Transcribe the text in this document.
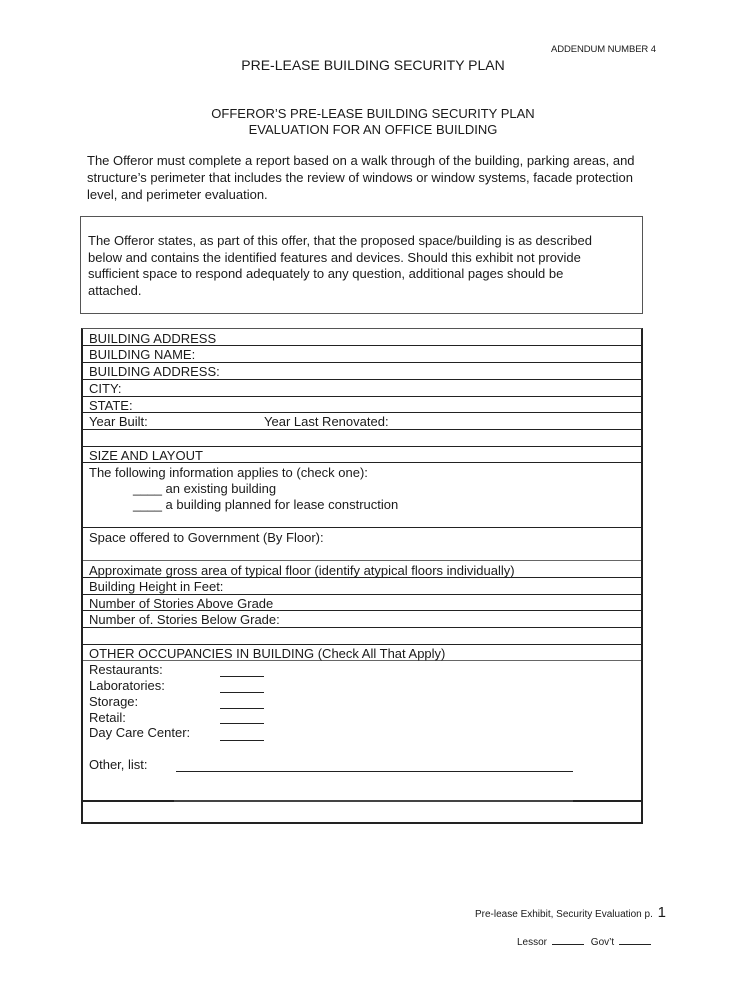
ADDENDUM NUMBER 4
PRE-LEASE BUILDING SECURITY PLAN
OFFEROR’S PRE-LEASE BUILDING SECURITY PLAN
EVALUATION FOR AN OFFICE BUILDING
The Offeror must complete a report based on a walk through of the building, parking areas, and
structure’s perimeter that includes the review of windows or window systems, facade protection
level, and perimeter evaluation.
The Offeror states, as part of this offer, that the proposed space/building is as described
below and contains the identified features and devices. Should this exhibit not provide
sufficient space to respond adequately to any question, additional pages should be
attached.
BUILDING ADDRESS
BUILDING NAME:
BUILDING ADDRESS:
CITY:
STATE:
Year Built:	Year Last Renovated:
SIZE AND LAYOUT
The following information applies to (check one):
____ an existing building
____ a building planned for lease construction
Space offered to Government (By Floor):
Approximate gross area of typical floor (identify atypical floors individually)
Building Height in Feet:
Number of Stories Above Grade
Number of. Stories Below Grade:
OTHER OCCUPANCIES IN BUILDING (Check All That Apply)
Restaurants:
Laboratories:
Storage:
Retail:
Day Care Center:
Other, list:
Pre-lease Exhibit, Security Evaluation p. 1
Lessor	Gov’t
